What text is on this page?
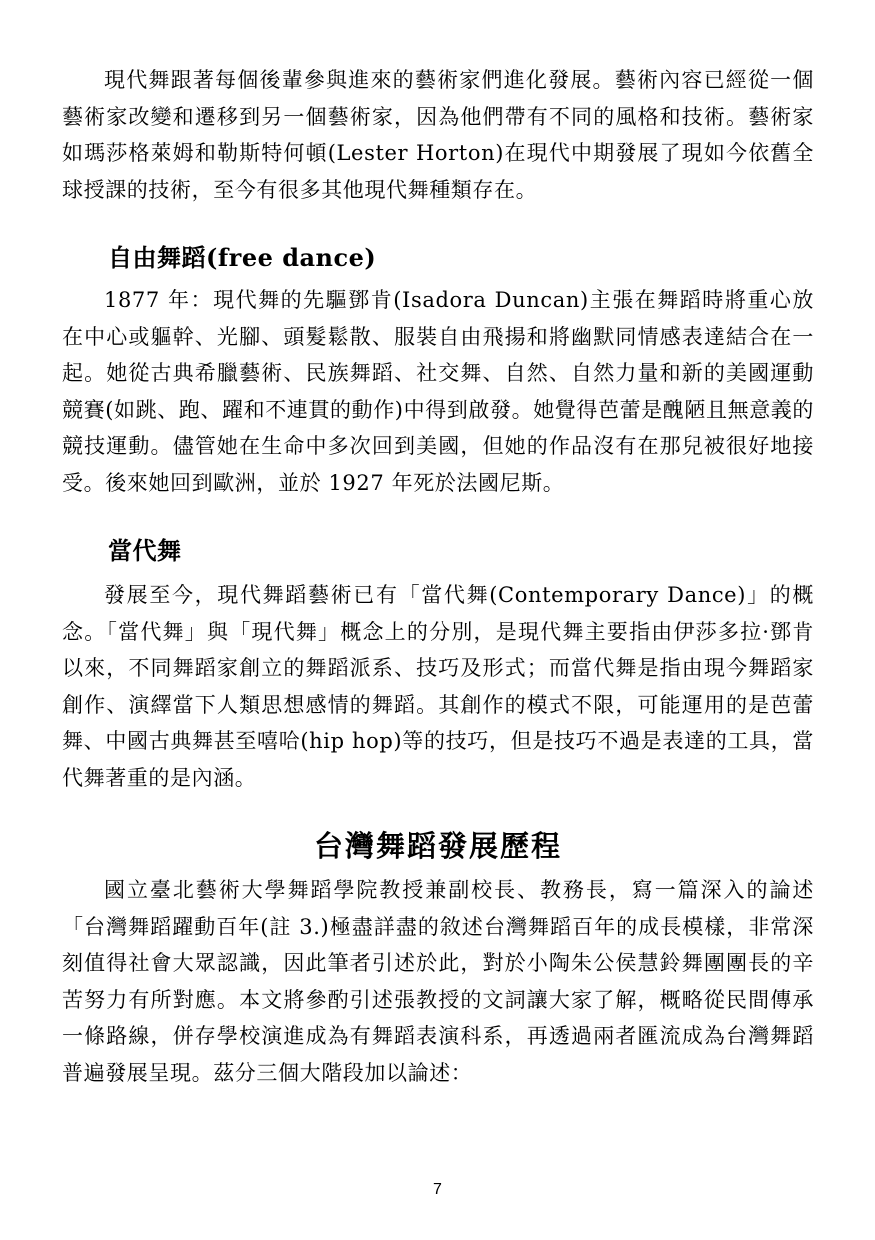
現代舞跟著每個後輩參與進來的藝術家們進化發展。藝術內容已經從一個藝術家改變和遷移到另一個藝術家，因為他們帶有不同的風格和技術。藝術家如瑪莎格萊姆和勒斯特何頓(Lester Horton)在現代中期發展了現如今依舊全球授課的技術，至今有很多其他現代舞種類存在。

自由舞蹈(free dance)

1877 年：現代舞的先驅鄧肯(Isadora Duncan)主張在舞蹈時將重心放在中心或軀幹、光腳、頭髮鬆散、服裝自由飛揚和將幽默同情感表達結合在一起。她從古典希臘藝術、民族舞蹈、社交舞、自然、自然力量和新的美國運動競賽(如跳、跑、躍和不連貫的動作)中得到啟發。她覺得芭蕾是醜陋且無意義的競技運動。儘管她在生命中多次回到美國，但她的作品沒有在那兒被很好地接受。後來她回到歐洲，並於 1927 年死於法國尼斯。

當代舞

發展至今，現代舞蹈藝術已有「當代舞(Contemporary Dance)」的概念。「當代舞」與「現代舞」概念上的分別，是現代舞主要指由伊莎多拉·鄧肯以來，不同舞蹈家創立的舞蹈派系、技巧及形式；而當代舞是指由現今舞蹈家創作、演繹當下人類思想感情的舞蹈。其創作的模式不限，可能運用的是芭蕾舞、中國古典舞甚至嘻哈(hip hop)等的技巧，但是技巧不過是表達的工具，當代舞著重的是內涵。

台灣舞蹈發展歷程

國立臺北藝術大學舞蹈學院教授兼副校長、教務長，寫一篇深入的論述「台灣舞蹈躍動百年(註 3.)極盡詳盡的敘述台灣舞蹈百年的成長模樣，非常深刻值得社會大眾認識，因此筆者引述於此，對於小陶朱公侯慧鈴舞團團長的辛苦努力有所對應。本文將參酌引述張教授的文詞讓大家了解，概略從民間傳承一條路線，併存學校演進成為有舞蹈表演科系，再透過兩者匯流成為台灣舞蹈普遍發展呈現。茲分三個大階段加以論述：

7
